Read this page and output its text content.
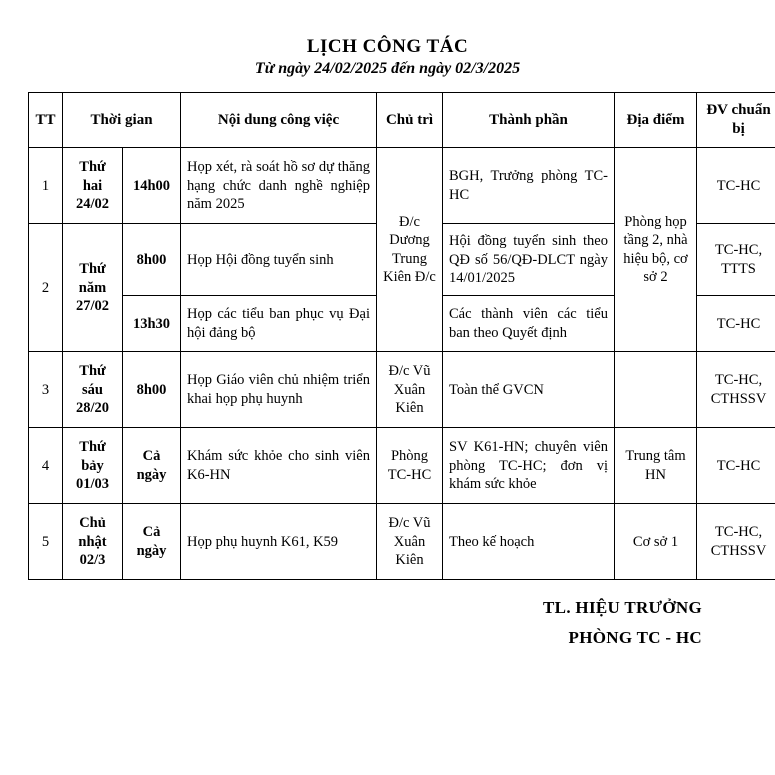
LỊCH CÔNG TÁC
Từ ngày 24/02/2025 đến ngày 02/3/2025
TT	Thời gian		Nội dung công việc	Chủ trì	Thành phần	Địa điểm	ĐV chuẩn bị
1	Thứ hai 24/02	14h00	Họp xét, rà soát hồ sơ dự thăng hạng chức danh nghề nghiệp năm 2025	Đ/c Dương Trung Kiên Đ/c	BGH, Trưởng phòng TC-HC	Phòng họp tầng 2, nhà hiệu bộ, cơ sở 2	TC-HC
2	Thứ năm 27/02	8h00	Họp Hội đồng tuyển sinh		Hội đồng tuyển sinh theo QĐ số 56/QĐ-DLCT ngày 14/01/2025		TC-HC, TTTS
		13h30	Họp các tiểu ban phục vụ Đại hội đảng bộ		Các thành viên các tiểu ban theo Quyết định		TC-HC
3	Thứ sáu 28/20	8h00	Họp Giáo viên chủ nhiệm triển khai họp phụ huynh	Đ/c Vũ Xuân Kiên	Toàn thể GVCN		TC-HC, CTHSSV
4	Thứ bảy 01/03	Cả ngày	Khám sức khỏe cho sinh viên K6-HN	Phòng TC-HC	SV K61-HN; chuyên viên phòng TC-HC; đơn vị khám sức khỏe	Trung tâm HN	TC-HC
5	Chủ nhật 02/3	Cả ngày	Họp phụ huynh K61, K59	Đ/c Vũ Xuân Kiên	Theo kế hoạch	Cơ sở 1	TC-HC, CTHSSV
TL. HIỆU TRƯỞNG
PHÒNG TC - HC
